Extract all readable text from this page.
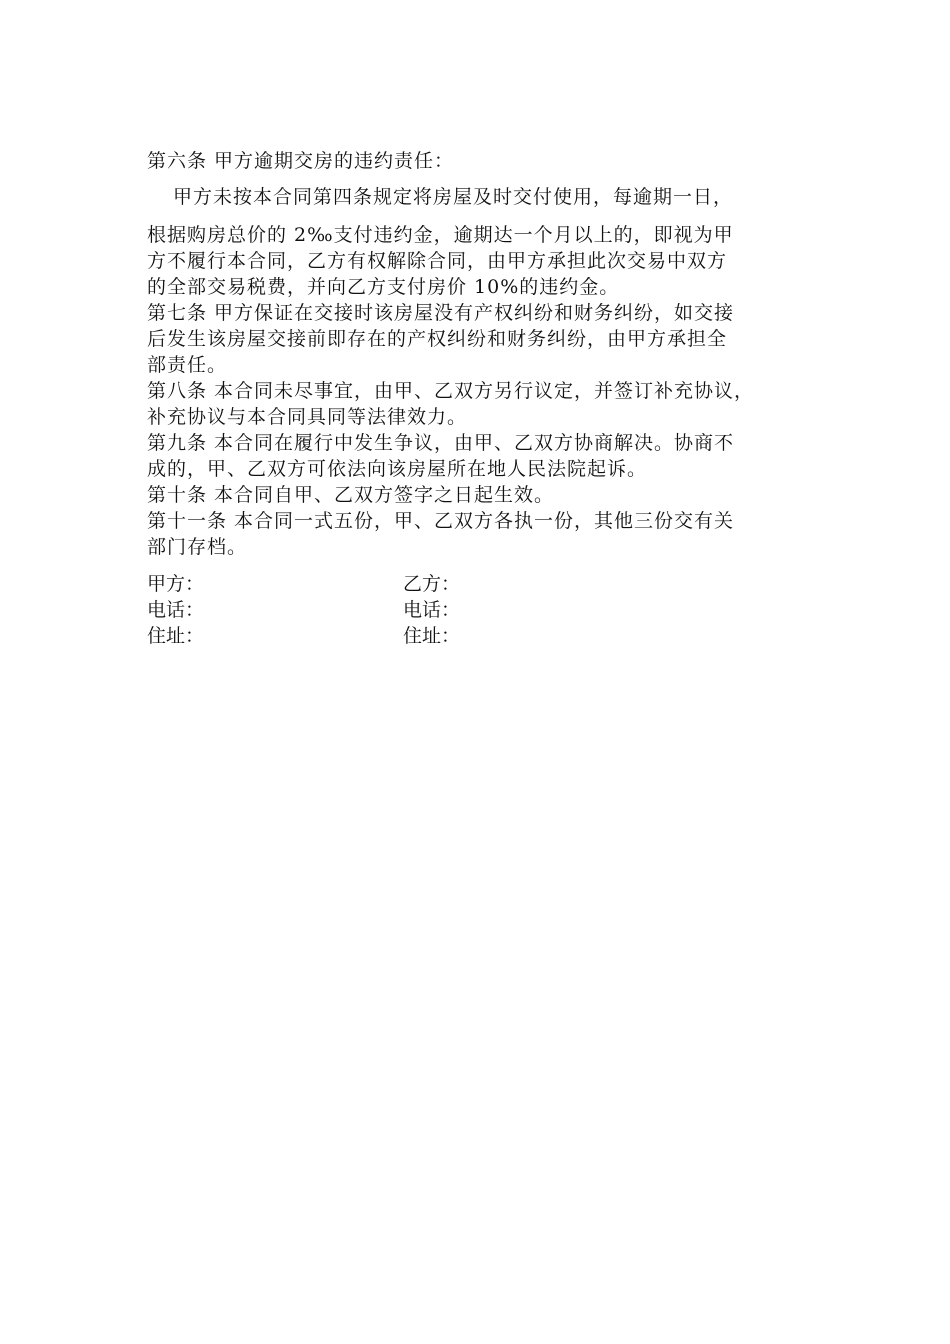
第六条 甲方逾期交房的违约责任：
甲方未按本合同第四条规定将房屋及时交付使用，每逾期一日，
根据购房总价的 2‰支付违约金，逾期达一个月以上的，即视为甲
方不履行本合同，乙方有权解除合同，由甲方承担此次交易中双方
的全部交易税费，并向乙方支付房价 10%的违约金。
第七条 甲方保证在交接时该房屋没有产权纠纷和财务纠纷，如交接
后发生该房屋交接前即存在的产权纠纷和财务纠纷，由甲方承担全
部责任。
第八条 本合同未尽事宜，由甲、乙双方另行议定，并签订补充协议，
补充协议与本合同具同等法律效力。
第九条 本合同在履行中发生争议，由甲、乙双方协商解决。协商不
成的，甲、乙双方可依法向该房屋所在地人民法院起诉。
第十条 本合同自甲、乙双方签字之日起生效。
第十一条 本合同一式五份，甲、乙双方各执一份，其他三份交有关
部门存档。
甲方：	乙方：
电话：	电话：
住址：	住址：
